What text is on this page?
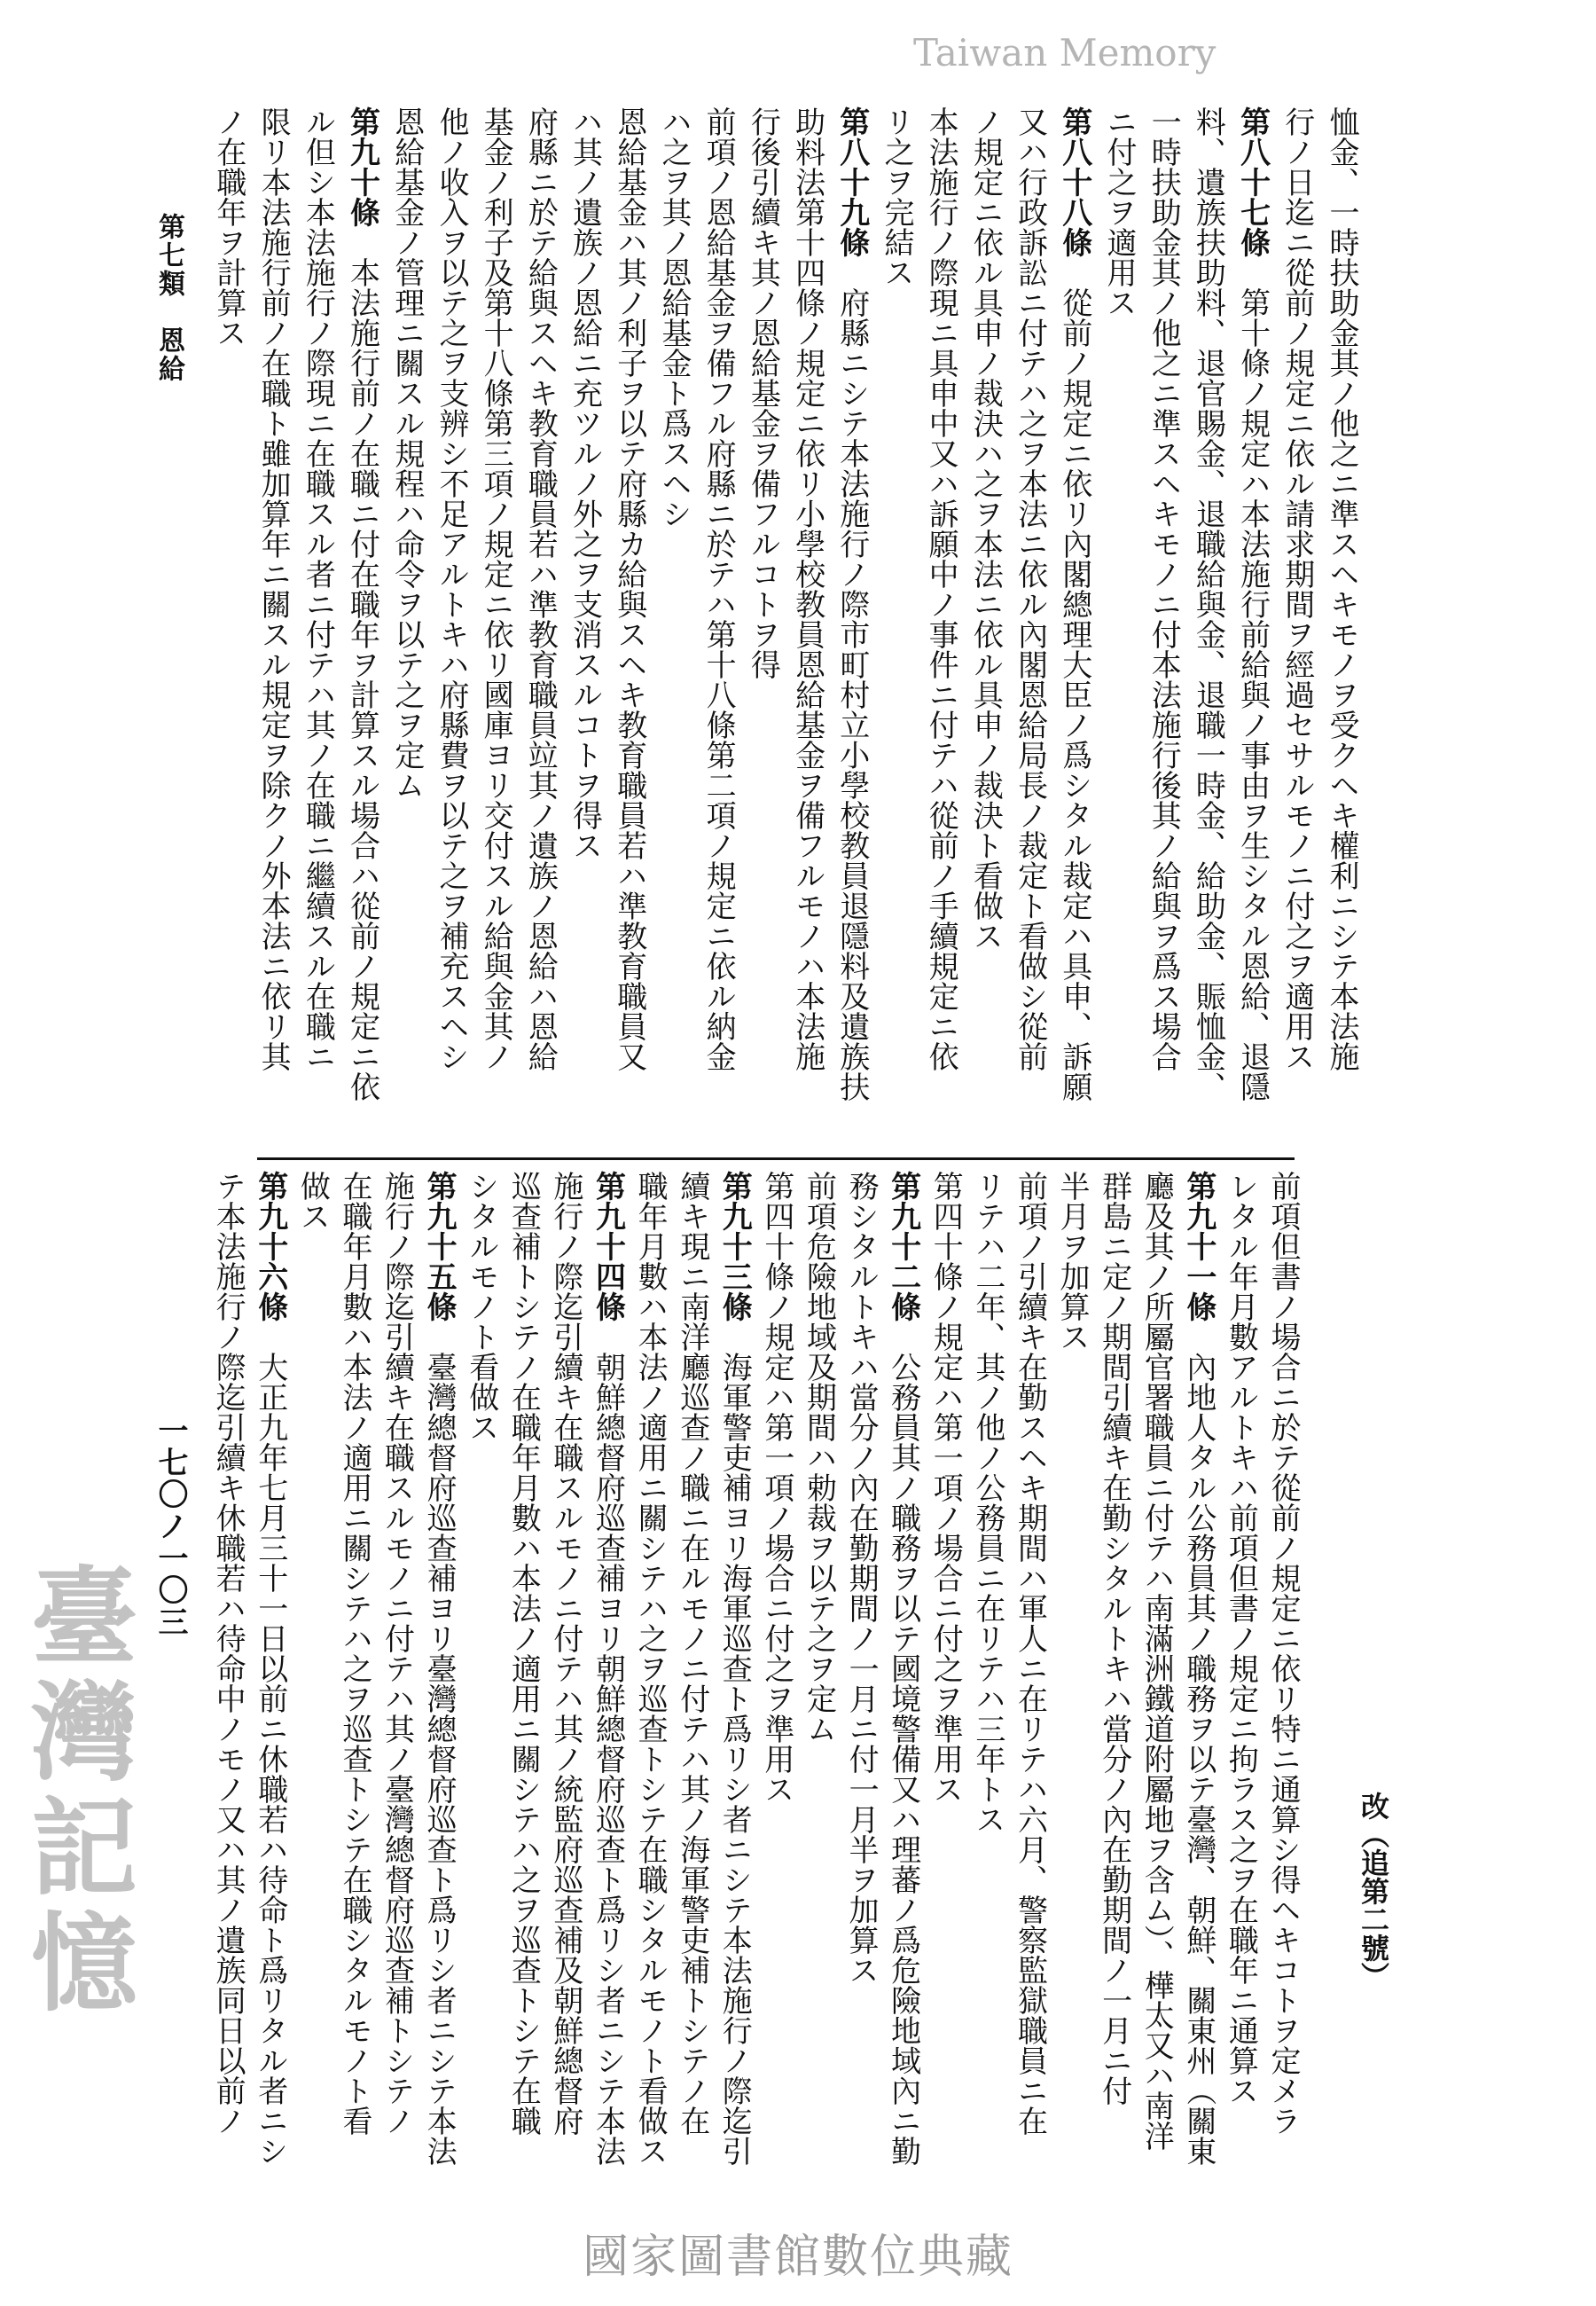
第七類　恩給
改（追第二號）
一七〇ノ一〇三
恤金、一時扶助金其ノ他之ニ準スヘキモノヲ受クヘキ權利ニシテ本法施
行ノ日迄ニ從前ノ規定ニ依ル請求期間ヲ經過セサルモノニ付之ヲ適用ス
第八十七條第十條ノ規定ハ本法施行前給與ノ事由ヲ生シタル恩給、退隱
料、遺族扶助料、退官賜金、退職給與金、退職一時金、給助金、賑恤金、
一時扶助金其ノ他之ニ準スヘキモノニ付本法施行後其ノ給與ヲ爲ス場合
ニ付之ヲ適用ス
第八十八條從前ノ規定ニ依リ內閣總理大臣ノ爲シタル裁定ハ具申、訴願
又ハ行政訴訟ニ付テハ之ヲ本法ニ依ル內閣恩給局長ノ裁定ト看做シ從前
ノ規定ニ依ル具申ノ裁決ハ之ヲ本法ニ依ル具申ノ裁決ト看做ス
本法施行ノ際現ニ具申中又ハ訴願中ノ事件ニ付テハ從前ノ手續規定ニ依
リ之ヲ完結ス
第八十九條府縣ニシテ本法施行ノ際市町村立小學校教員退隱料及遺族扶
助料法第十四條ノ規定ニ依リ小學校教員恩給基金ヲ備フルモノハ本法施
行後引續キ其ノ恩給基金ヲ備フルコトヲ得
前項ノ恩給基金ヲ備フル府縣ニ於テハ第十八條第二項ノ規定ニ依ル納金
ハ之ヲ其ノ恩給基金ト爲スヘシ
恩給基金ハ其ノ利子ヲ以テ府縣カ給與スヘキ教育職員若ハ準教育職員又
ハ其ノ遺族ノ恩給ニ充ツルノ外之ヲ支消スルコトヲ得ス
府縣ニ於テ給與スヘキ教育職員若ハ準教育職員竝其ノ遺族ノ恩給ハ恩給
基金ノ利子及第十八條第三項ノ規定ニ依リ國庫ヨリ交付スル給與金其ノ
他ノ收入ヲ以テ之ヲ支辨シ不足アルトキハ府縣費ヲ以テ之ヲ補充スヘシ
恩給基金ノ管理ニ關スル規程ハ命令ヲ以テ之ヲ定ム
第九十條本法施行前ノ在職ニ付在職年ヲ計算スル場合ハ從前ノ規定ニ依
ル但シ本法施行ノ際現ニ在職スル者ニ付テハ其ノ在職ニ繼續スル在職ニ
限リ本法施行前ノ在職ト雖加算年ニ關スル規定ヲ除クノ外本法ニ依リ其
ノ在職年ヲ計算ス
前項但書ノ場合ニ於テ從前ノ規定ニ依リ特ニ通算シ得ヘキコトヲ定メラ
レタル年月數アルトキハ前項但書ノ規定ニ拘ラス之ヲ在職年ニ通算ス
第九十一條內地人タル公務員其ノ職務ヲ以テ臺灣、朝鮮、關東州（關東
廳及其ノ所屬官署職員ニ付テハ南滿洲鐵道附屬地ヲ含ム）、樺太又ハ南洋
群島ニ定ノ期間引續キ在勤シタルトキハ當分ノ內在勤期間ノ一月ニ付
半月ヲ加算ス
前項ノ引續キ在勤スヘキ期間ハ軍人ニ在リテハ六月、警察監獄職員ニ在
リテハ二年、其ノ他ノ公務員ニ在リテハ三年トス
第四十條ノ規定ハ第一項ノ場合ニ付之ヲ準用ス
第九十二條公務員其ノ職務ヲ以テ國境警備又ハ理蕃ノ爲危險地域內ニ勤
務シタルトキハ當分ノ內在勤期間ノ一月ニ付一月半ヲ加算ス
前項危險地域及期間ハ勅裁ヲ以テ之ヲ定ム
第四十條ノ規定ハ第一項ノ場合ニ付之ヲ準用ス
第九十三條海軍警吏補ヨリ海軍巡查ト爲リシ者ニシテ本法施行ノ際迄引
續キ現ニ南洋廳巡查ノ職ニ在ルモノニ付テハ其ノ海軍警吏補トシテノ在
職年月數ハ本法ノ適用ニ關シテハ之ヲ巡查トシテ在職シタルモノト看做ス
第九十四條朝鮮總督府巡查補ヨリ朝鮮總督府巡查ト爲リシ者ニシテ本法
施行ノ際迄引續キ在職スルモノニ付テハ其ノ統監府巡查補及朝鮮總督府
巡查補トシテノ在職年月數ハ本法ノ適用ニ關シテハ之ヲ巡查トシテ在職
シタルモノト看做ス
第九十五條臺灣總督府巡查補ヨリ臺灣總督府巡查ト爲リシ者ニシテ本法
施行ノ際迄引續キ在職スルモノニ付テハ其ノ臺灣總督府巡查補トシテノ
在職年月數ハ本法ノ適用ニ關シテハ之ヲ巡查トシテ在職シタルモノト看
做ス
第九十六條大正九年七月三十一日以前ニ休職若ハ待命ト爲リタル者ニシ
テ本法施行ノ際迄引續キ休職若ハ待命中ノモノ又ハ其ノ遺族同日以前ノ
臺灣記憶
Taiwan Memory
國家圖書館數位典藏
